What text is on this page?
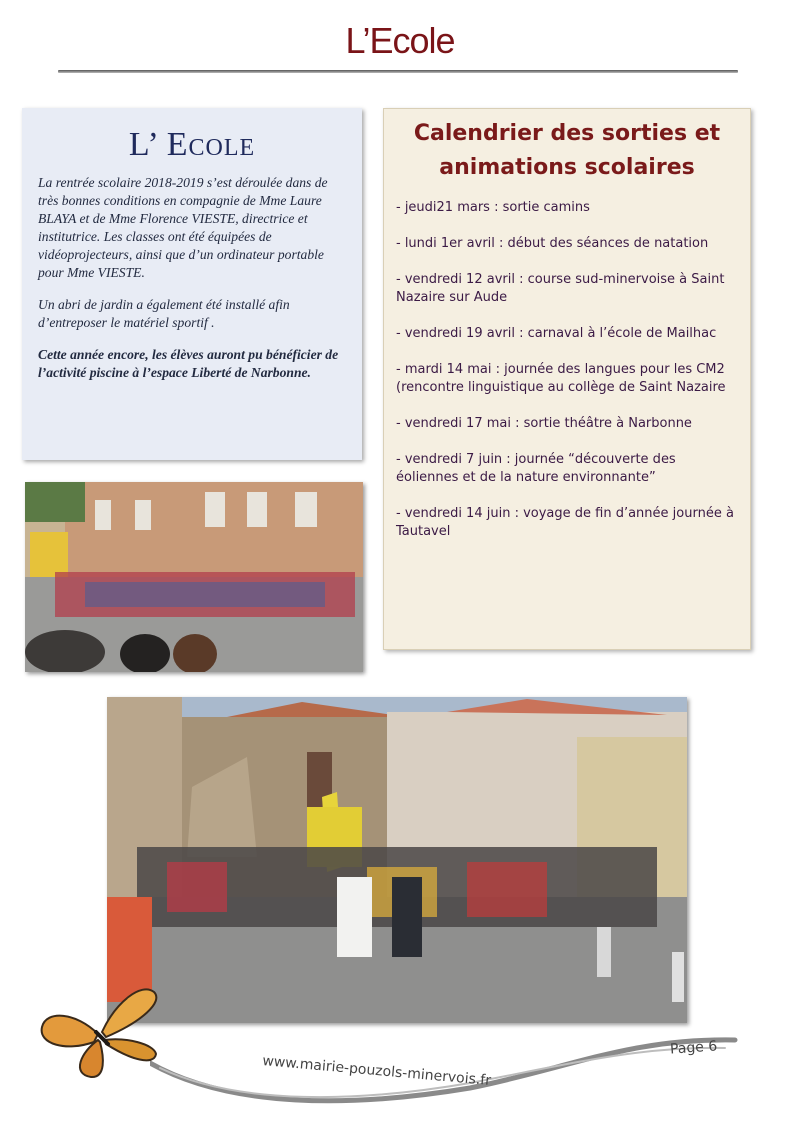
L’Ecole
L’ Ecole

La rentrée scolaire 2018-2019 s’est déroulée dans de très bonnes conditions en compagnie de Mme Laure BLAYA et de Mme Florence VIESTE, directrice et institutrice. Les classes ont été équipées de vidéoprojecteurs, ainsi que d’un ordinateur portable pour Mme VIESTE.

Un abri de jardin a également été installé afin d’entreposer le matériel sportif .

Cette année encore, les élèves auront pu bénéficier de l’activité piscine à l’espace Liberté de Narbonne.

Calendrier des sorties et animations scolaires
- jeudi21 mars : sortie camins
- lundi 1er avril : début des séances de natation
- vendredi 12 avril : course sud-minervoise à Saint Nazaire sur Aude
- vendredi 19 avril : carnaval à l’école de Mailhac
- mardi 14 mai : journée des langues pour les CM2 (rencontre linguistique au collège de Saint Nazaire
- vendredi 17 mai : sortie théâtre à Narbonne
- vendredi 7 juin : journée “découverte des éoliennes et de la nature environnante”
- vendredi 14 juin : voyage de fin d’année journée à Tautavel
www.mairie-pouzols-minervois.fr
Page 6
